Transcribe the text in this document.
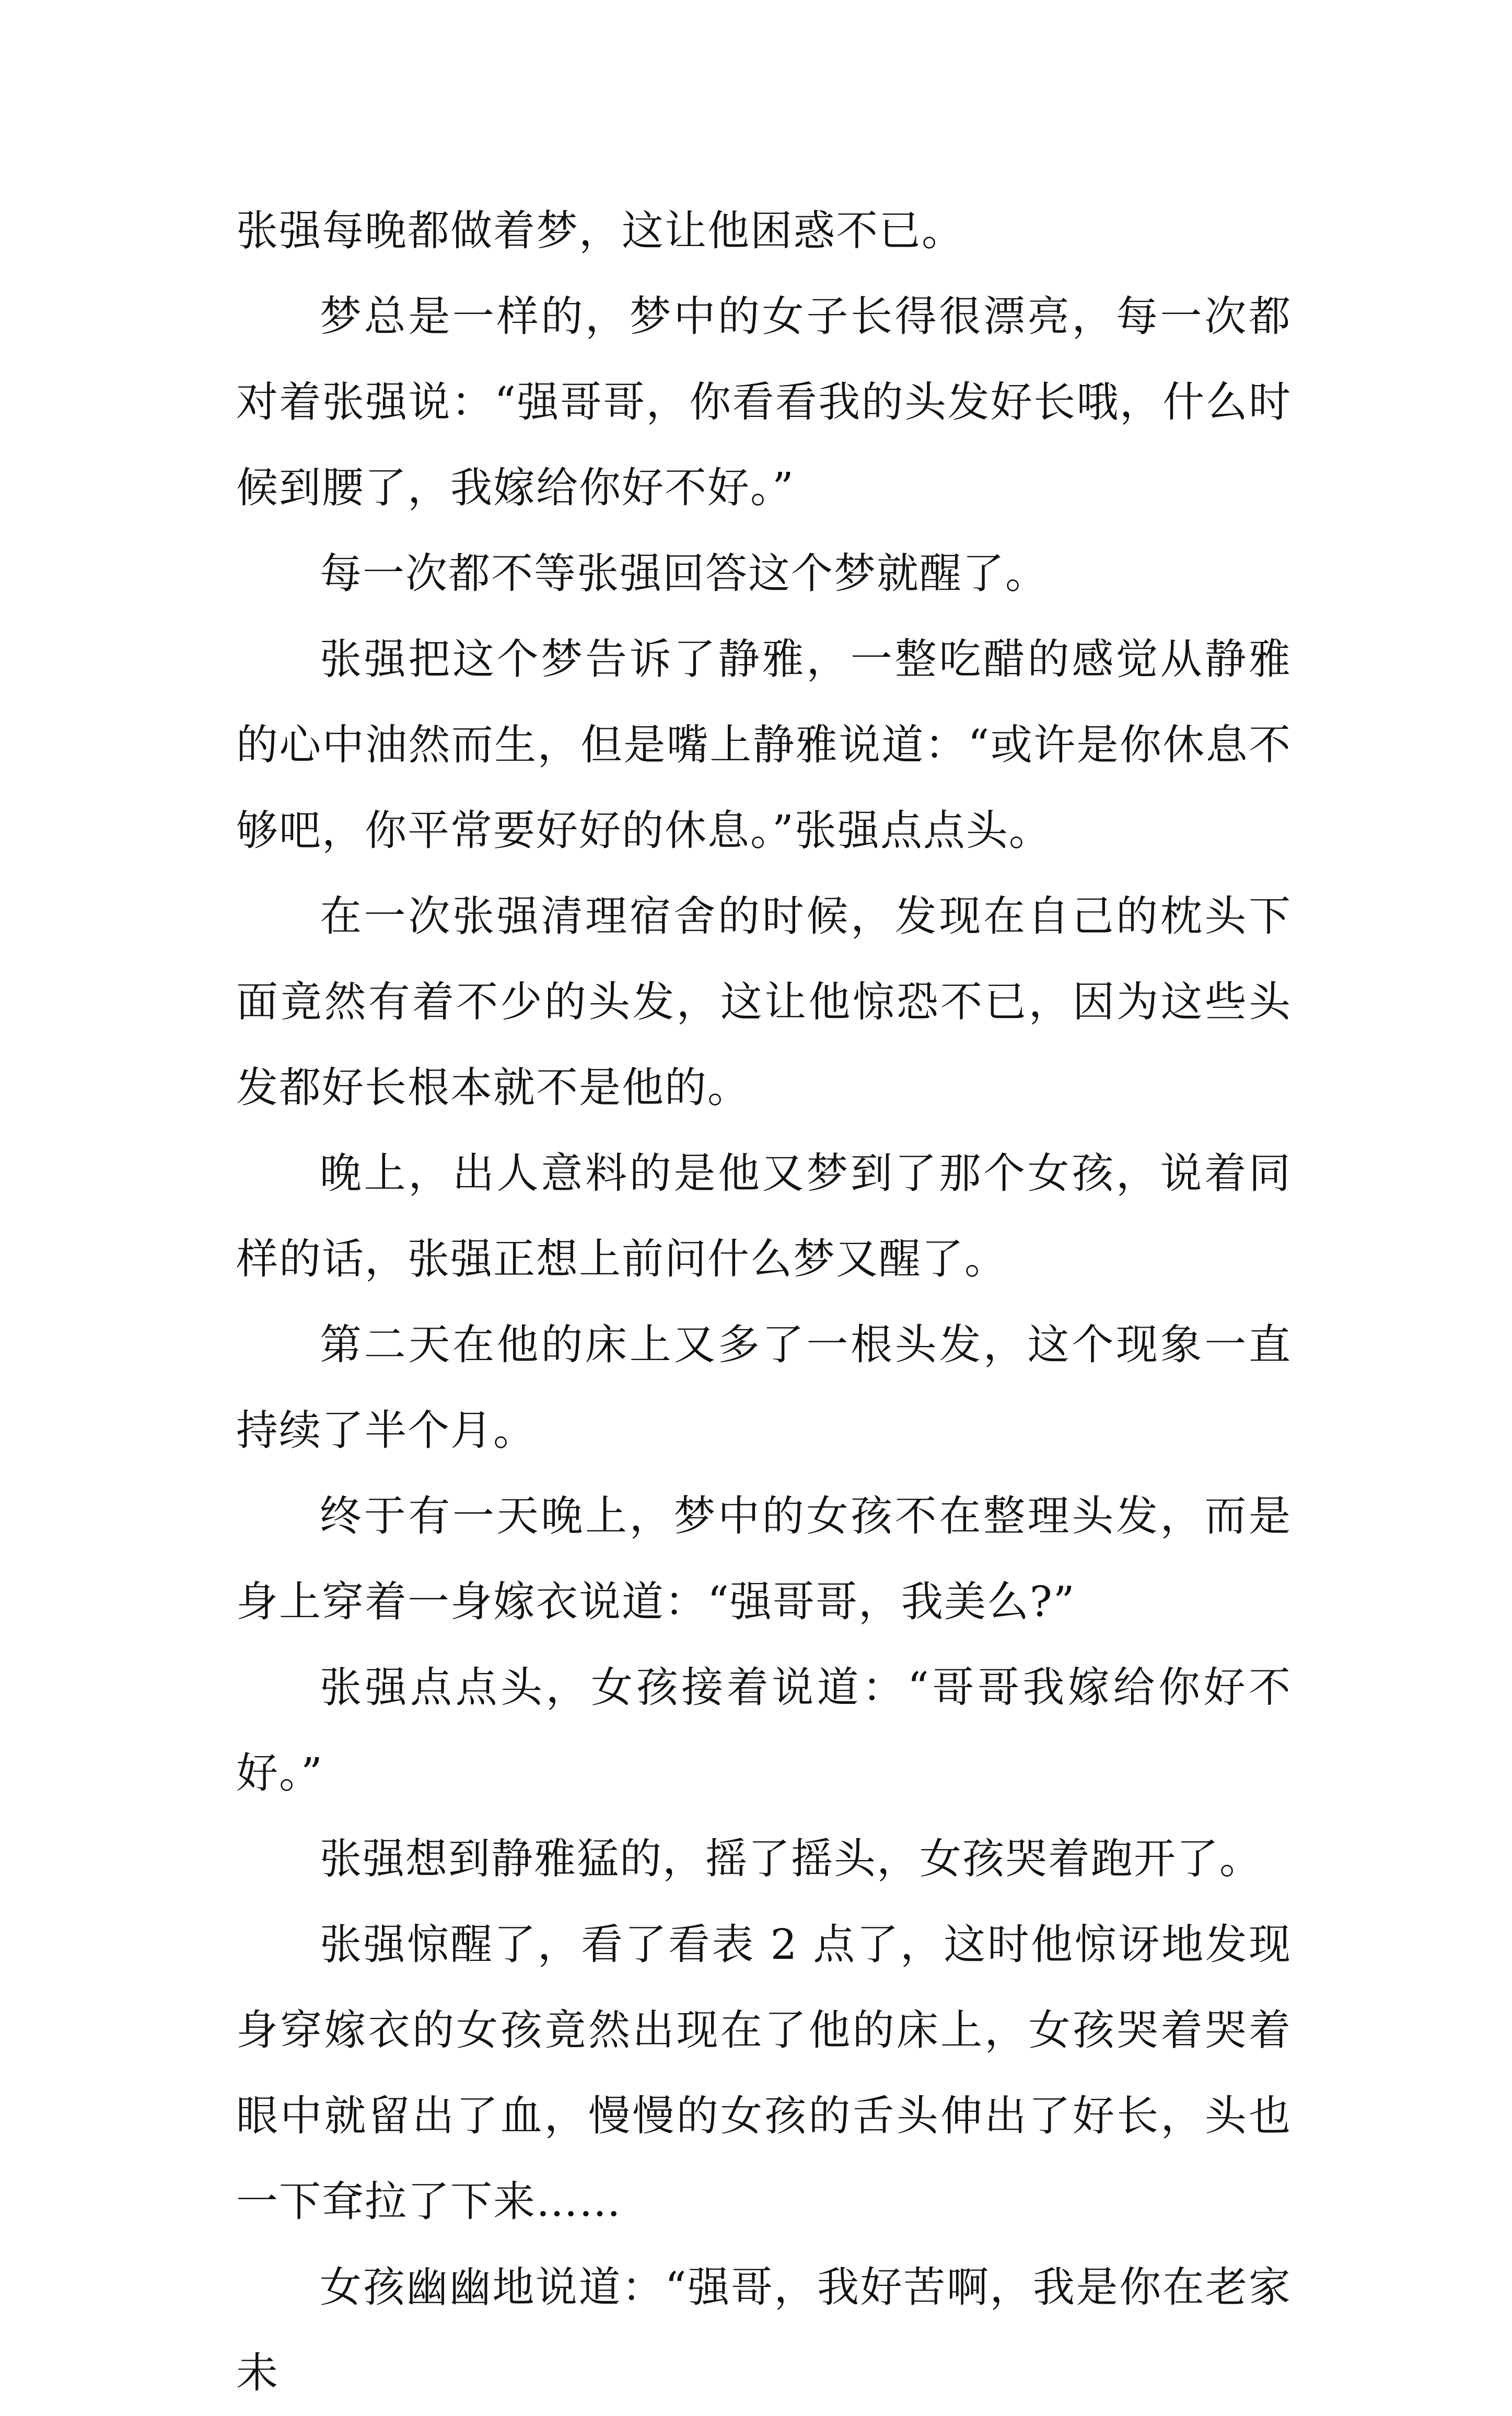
张强每晚都做着梦，这让他困惑不已。

梦总是一样的，梦中的女子长得很漂亮，每一次都对着张强说：“强哥哥，你看看我的头发好长哦，什么时候到腰了，我嫁给你好不好。”

每一次都不等张强回答这个梦就醒了。

张强把这个梦告诉了静雅，一整吃醋的感觉从静雅的心中油然而生，但是嘴上静雅说道：“或许是你休息不够吧，你平常要好好的休息。”张强点点头。

在一次张强清理宿舍的时候，发现在自己的枕头下面竟然有着不少的头发，这让他惊恐不已，因为这些头发都好长根本就不是他的。

晚上，出人意料的是他又梦到了那个女孩，说着同样的话，张强正想上前问什么梦又醒了。

第二天在他的床上又多了一根头发，这个现象一直持续了半个月。

终于有一天晚上，梦中的女孩不在整理头发，而是身上穿着一身嫁衣说道：“强哥哥，我美么?”

张强点点头，女孩接着说道：“哥哥我嫁给你好不好。”

张强想到静雅猛的，摇了摇头，女孩哭着跑开了。

张强惊醒了，看了看表 2 点了，这时他惊讶地发现身穿嫁衣的女孩竟然出现在了他的床上，女孩哭着哭着眼中就留出了血，慢慢的女孩的舌头伸出了好长，头也一下耷拉了下来……

女孩幽幽地说道：“强哥，我好苦啊，我是你在老家未
